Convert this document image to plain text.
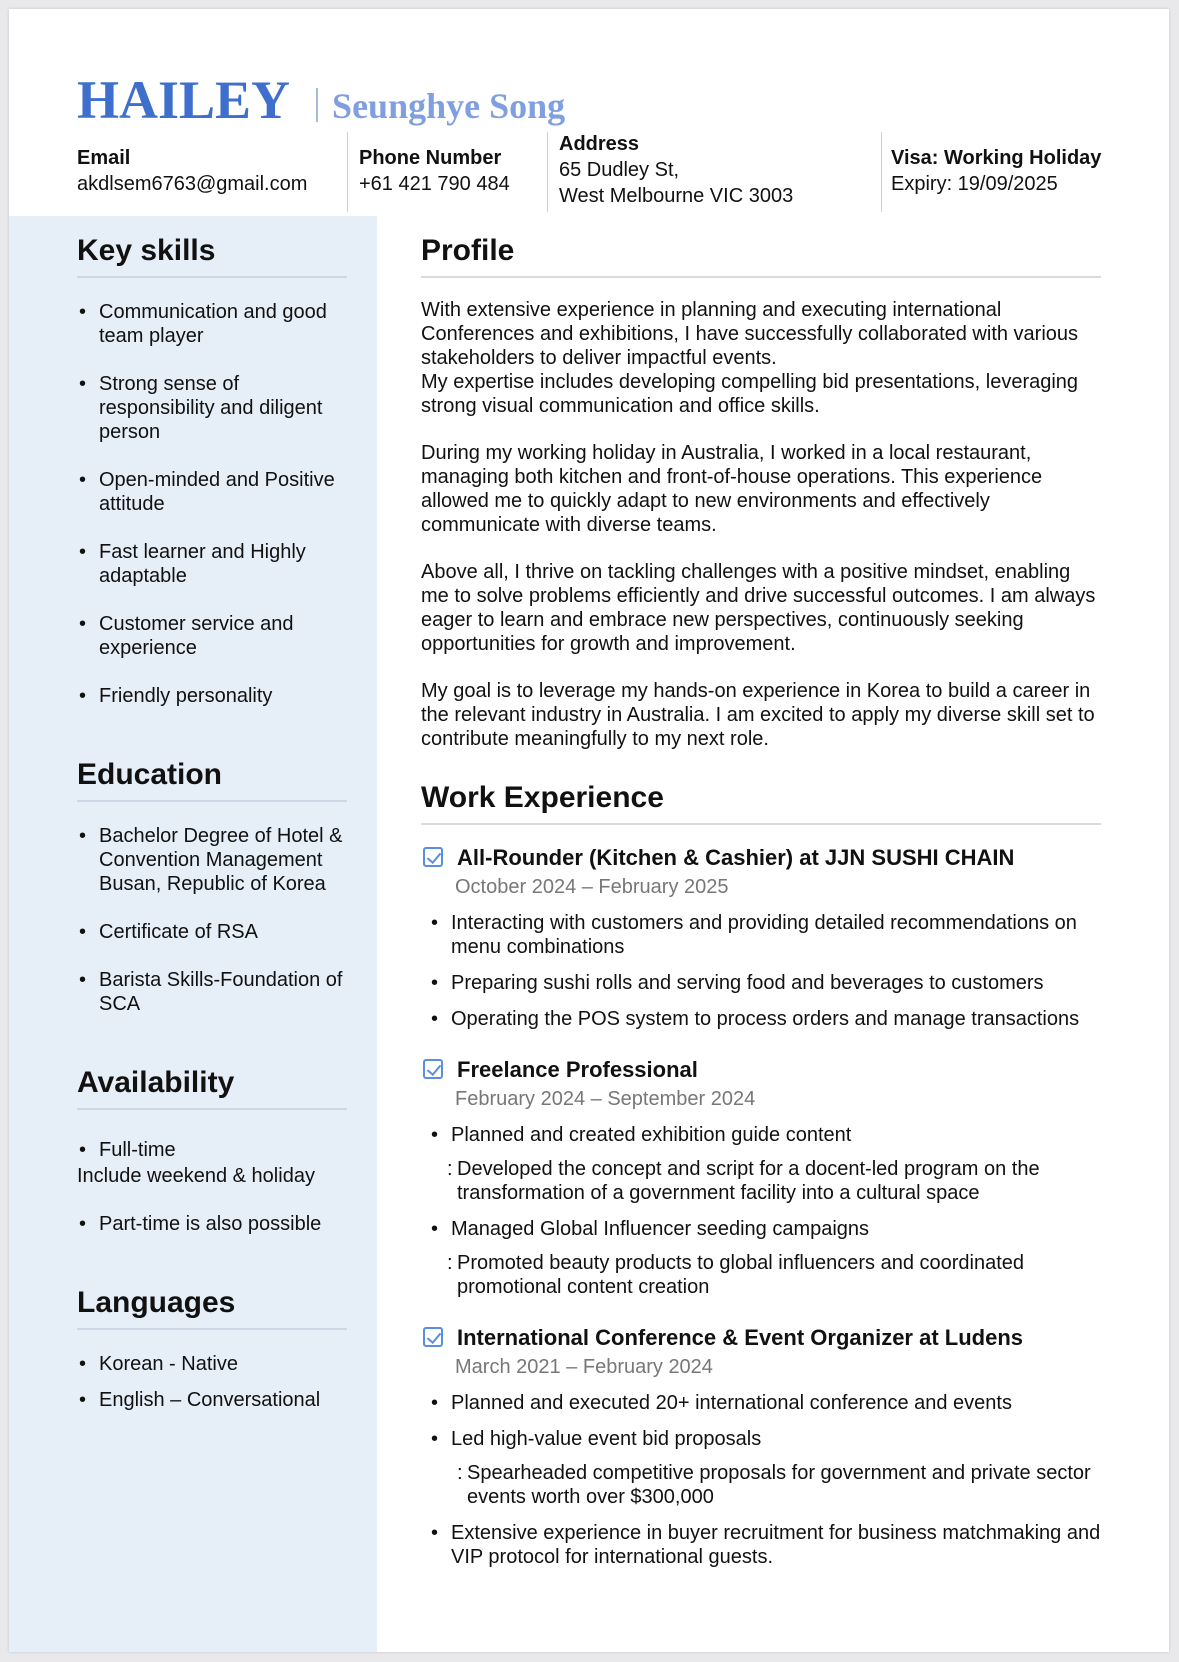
HAILEY Seunghye Song
Email
akdlsem6763@gmail.com
Phone Number
+61 421 790 484
Address
65 Dudley St,
West Melbourne VIC 3003
Visa: Working Holiday
Expiry: 19/09/2025
Key skills
• Communication and good team player
• Strong sense of responsibility and diligent person
• Open-minded and Positive attitude
• Fast learner and Highly adaptable
• Customer service and experience
• Friendly personality
Education
• Bachelor Degree of Hotel & Convention Management Busan, Republic of Korea
• Certificate of RSA
• Barista Skills-Foundation of SCA
Availability
• Full-time
Include weekend & holiday
• Part-time is also possible
Languages
• Korean - Native
• English – Conversational
Profile

With extensive experience in planning and executing international Conferences and exhibitions, I have successfully collaborated with various stakeholders to deliver impactful events.
My expertise includes developing compelling bid presentations, leveraging strong visual communication and office skills.

During my working holiday in Australia, I worked in a local restaurant, managing both kitchen and front-of-house operations. This experience allowed me to quickly adapt to new environments and effectively communicate with diverse teams.

Above all, I thrive on tackling challenges with a positive mindset, enabling me to solve problems efficiently and drive successful outcomes. I am always eager to learn and embrace new perspectives, continuously seeking opportunities for growth and improvement.

My goal is to leverage my hands-on experience in Korea to build a career in the relevant industry in Australia. I am excited to apply my diverse skill set to contribute meaningfully to my next role.

Work Experience
All-Rounder (Kitchen & Cashier) at JJN SUSHI CHAIN
October 2024 – February 2025
• Interacting with customers and providing detailed recommendations on menu combinations
• Preparing sushi rolls and serving food and beverages to customers
• Operating the POS system to process orders and manage transactions
Freelance Professional
February 2024 – September 2024
• Planned and created exhibition guide content
: Developed the concept and script for a docent-led program on the transformation of a government facility into a cultural space
• Managed Global Influencer seeding campaigns
: Promoted beauty products to global influencers and coordinated promotional content creation
International Conference & Event Organizer at Ludens
March 2021 – February 2024
• Planned and executed 20+ international conference and events
• Led high-value event bid proposals
: Spearheaded competitive proposals for government and private sector events worth over $300,000
• Extensive experience in buyer recruitment for business matchmaking and VIP protocol for international guests.
